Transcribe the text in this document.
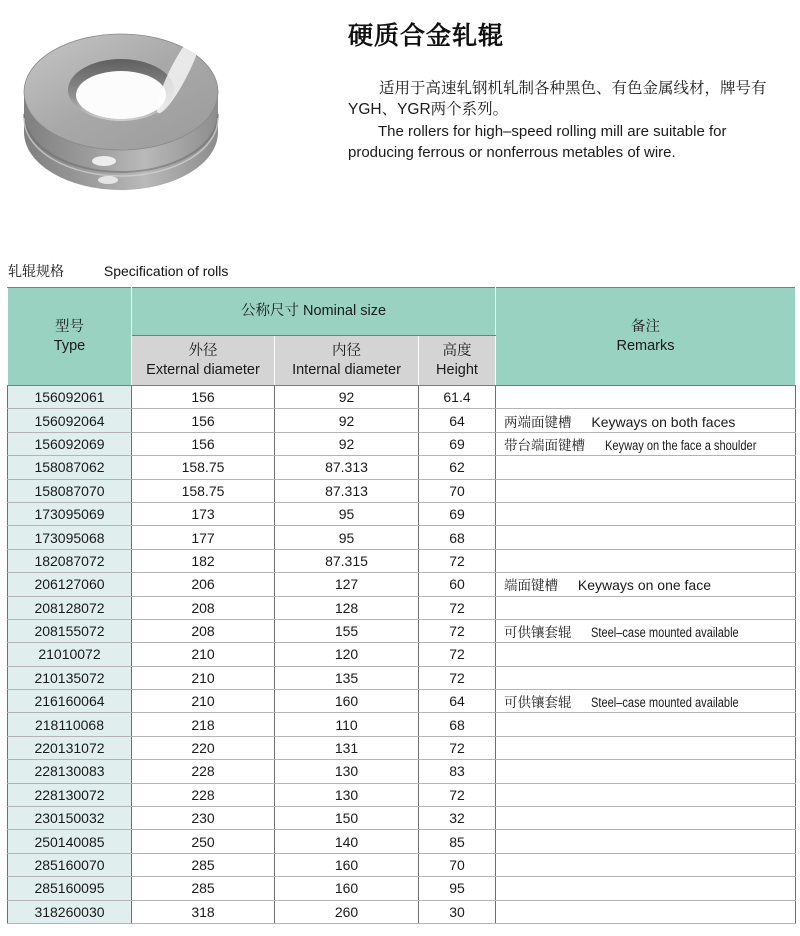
硬质合金轧辊

适用于高速轧钢机轧制各种黑色、有色金属线材，牌号有
YGH、YGR两个系列。

The rollers for high–speed rolling mill are suitable for
producing ferrous or nonferrous metables of wire.

轧辊规格	Specification of rolls
型号
Type	公称尺寸 Nominal size			备注
Remarks

	外径
External diameter	内径
Internal diameter	高度
Height	

156092061	156	92	61.4	
156092064	156	92	64	两端面键槽 Keyways on both faces
156092069	156	92	69	带台端面键槽 Keyway on the face a shoulder
158087062	158.75	87.313	62	
158087070	158.75	87.313	70	
173095069	173	95	69	
173095068	177	95	68	
182087072	182	87.315	72	
206127060	206	127	60	端面键槽 Keyways on one face
208128072	208	128	72	
208155072	208	155	72	可供镶套辊 Steel–case mounted available
21010072	210	120	72	
210135072	210	135	72	
216160064	210	160	64	可供镶套辊 Steel–case mounted available
218110068	218	110	68	
220131072	220	131	72	
228130083	228	130	83	
228130072	228	130	72	
230150032	230	150	32	
250140085	250	140	85	
285160070	285	160	70	
285160095	285	160	95	
318260030	318	260	30	
